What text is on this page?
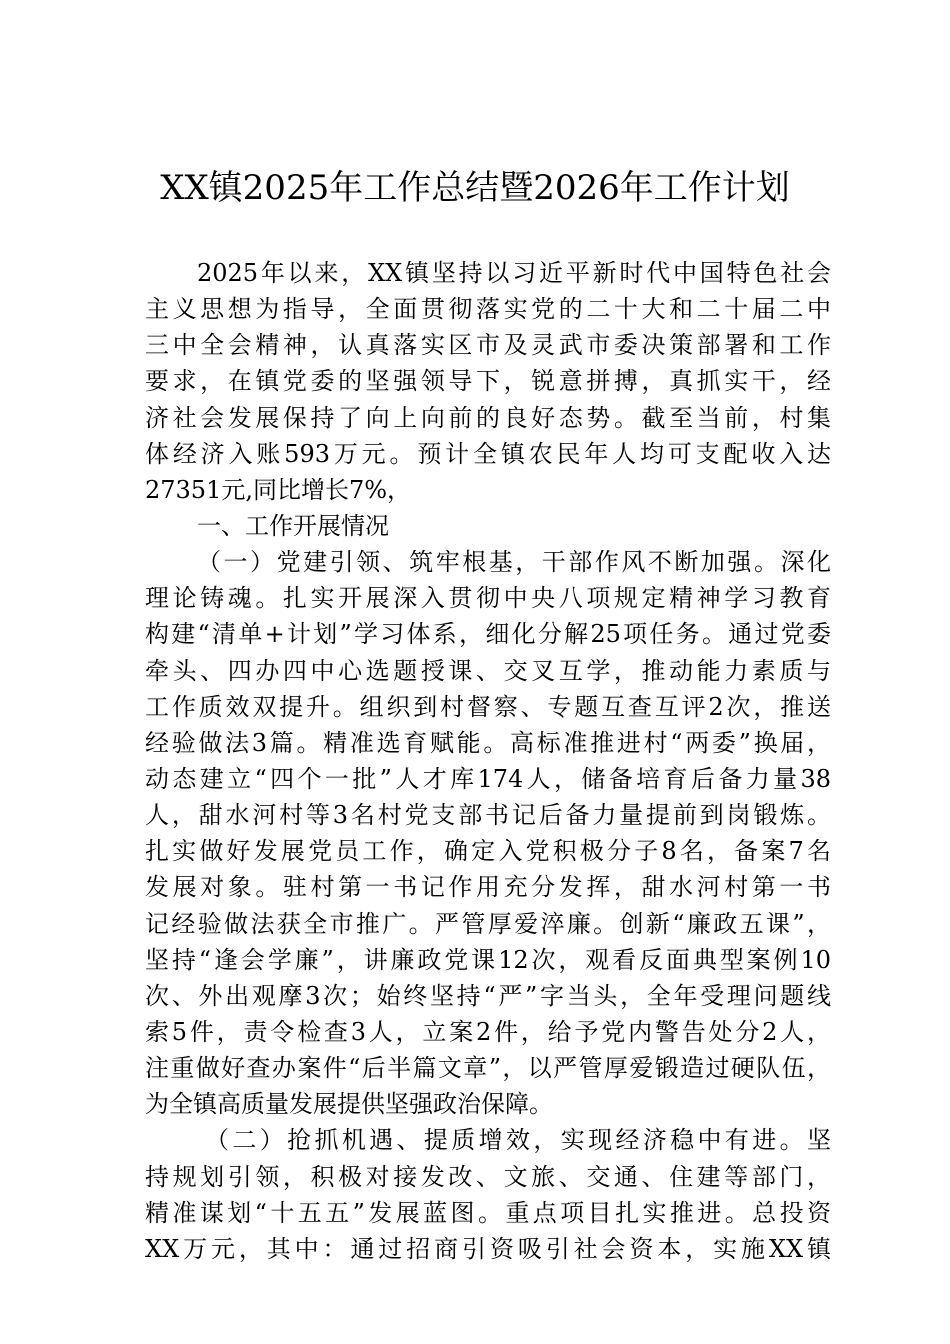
XX镇2025年工作总结暨2026年工作计划
2025年以来，XX镇坚持以习近平新时代中国特色社会
主义思想为指导，全面贯彻落实党的二十大和二十届二中
三中全会精神，认真落实区市及灵武市委决策部署和工作
要求，在镇党委的坚强领导下，锐意拼搏，真抓实干，经
济社会发展保持了向上向前的良好态势。截至当前，村集
体经济入账593万元。预计全镇农民年人均可支配收入达
27351元,同比增长7%，
一、工作开展情况
（一）党建引领、筑牢根基，干部作风不断加强。深化
理论铸魂。扎实开展深入贯彻中央八项规定精神学习教育
构建“清单+计划”学习体系，细化分解25项任务。通过党委
牵头、四办四中心选题授课、交叉互学，推动能力素质与
工作质效双提升。组织到村督察、专题互查互评2次，推送
经验做法3篇。精准选育赋能。高标准推进村“两委”换届，
动态建立“四个一批”人才库174人，储备培育后备力量38
人，甜水河村等3名村党支部书记后备力量提前到岗锻炼。
扎实做好发展党员工作，确定入党积极分子8名，备案7名
发展对象。驻村第一书记作用充分发挥，甜水河村第一书
记经验做法获全市推广。严管厚爱淬廉。创新“廉政五课”，
坚持“逢会学廉”，讲廉政党课12次，观看反面典型案例10
次、外出观摩3次；始终坚持“严”字当头，全年受理问题线
索5件，责令检查3人，立案2件，给予党内警告处分2人，
注重做好查办案件“后半篇文章”，以严管厚爱锻造过硬队伍，
为全镇高质量发展提供坚强政治保障。
（二）抢抓机遇、提质增效，实现经济稳中有进。坚
持规划引领，积极对接发改、文旅、交通、住建等部门，
精准谋划“十五五”发展蓝图。重点项目扎实推进。总投资
XX万元，其中：通过招商引资吸引社会资本，实施XX镇
